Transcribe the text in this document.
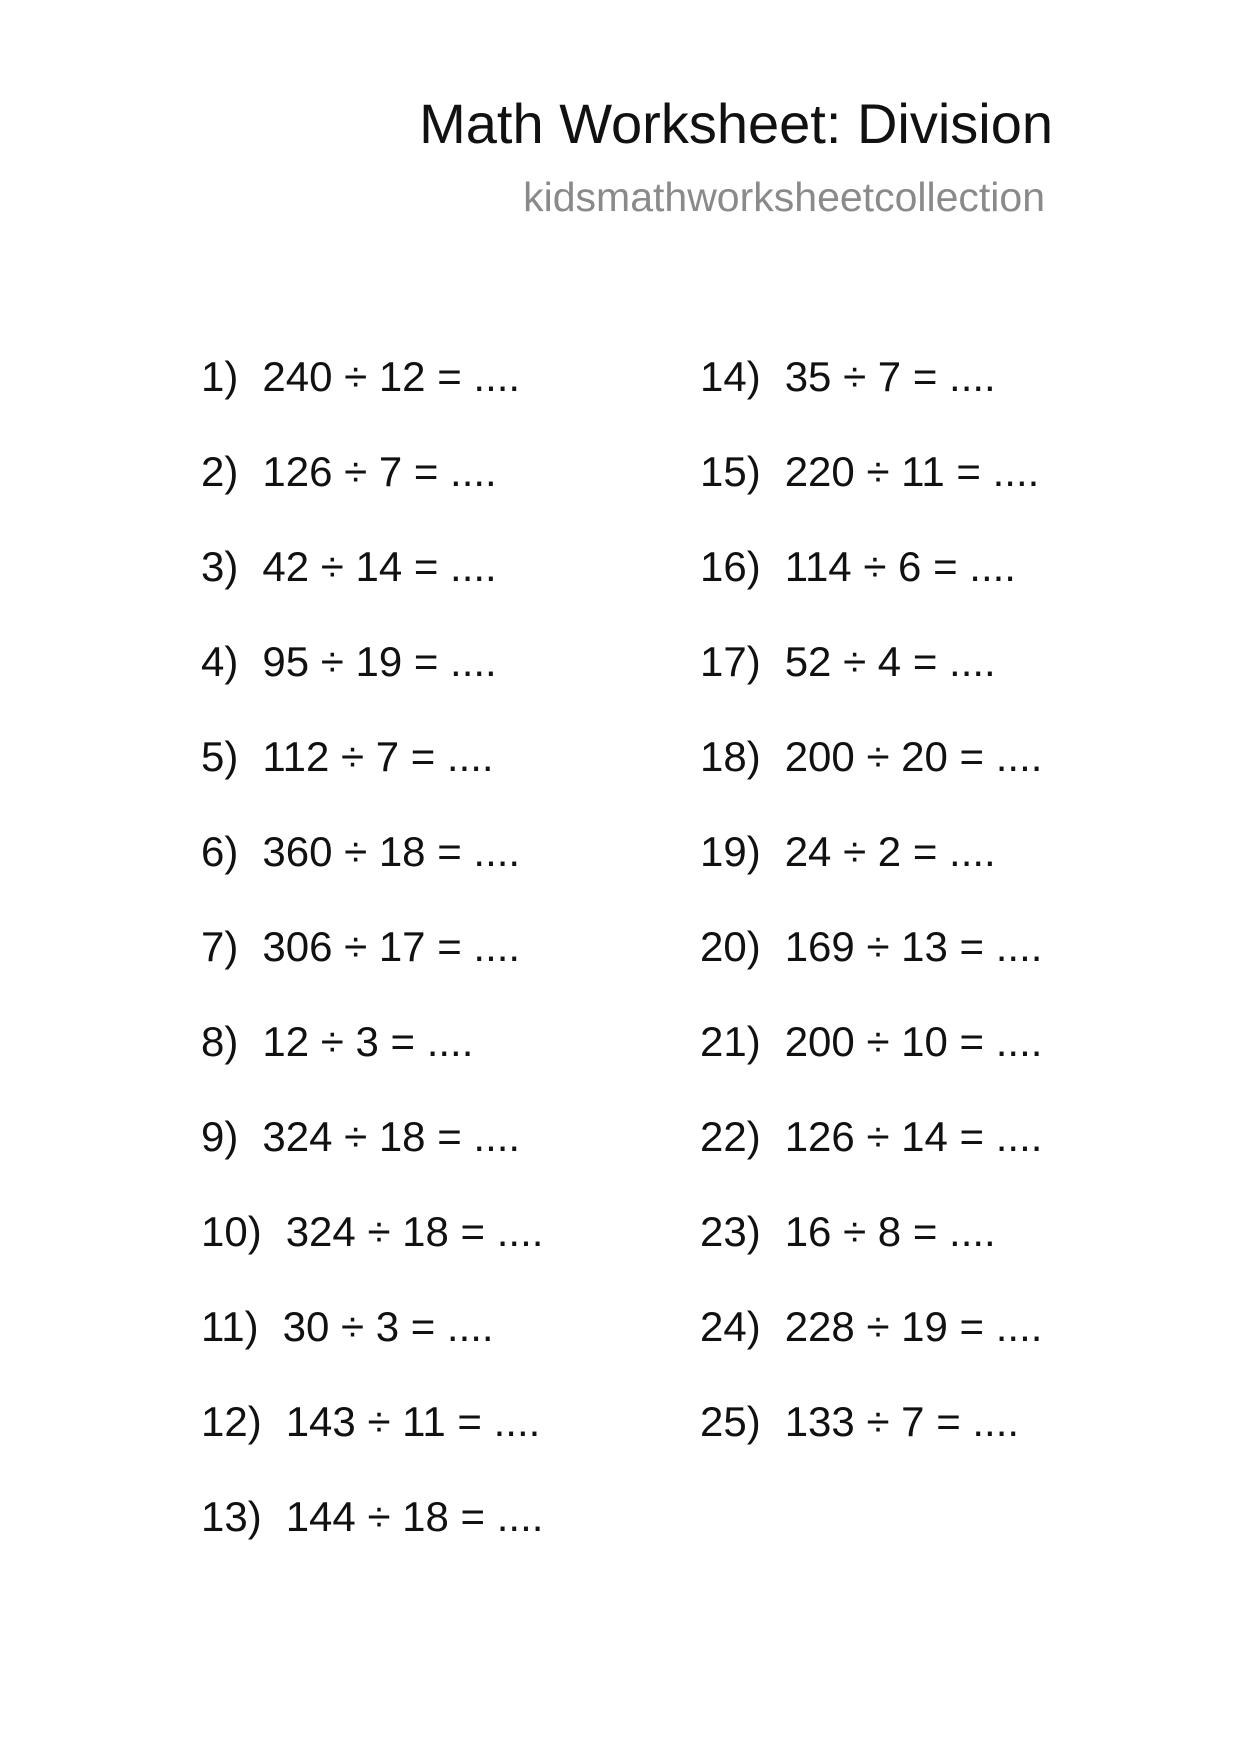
Math Worksheet: Division
kidsmathworksheetcollection
1) 240 ÷ 12 = ....
2) 126 ÷ 7 = ....
3) 42 ÷ 14 = ....
4) 95 ÷ 19 = ....
5) 112 ÷ 7 = ....
6) 360 ÷ 18 = ....
7) 306 ÷ 17 = ....
8) 12 ÷ 3 = ....
9) 324 ÷ 18 = ....
10) 324 ÷ 18 = ....
11) 30 ÷ 3 = ....
12) 143 ÷ 11 = ....
13) 144 ÷ 18 = ....
14) 35 ÷ 7 = ....
15) 220 ÷ 11 = ....
16) 114 ÷ 6 = ....
17) 52 ÷ 4 = ....
18) 200 ÷ 20 = ....
19) 24 ÷ 2 = ....
20) 169 ÷ 13 = ....
21) 200 ÷ 10 = ....
22) 126 ÷ 14 = ....
23) 16 ÷ 8 = ....
24) 228 ÷ 19 = ....
25) 133 ÷ 7 = ....
